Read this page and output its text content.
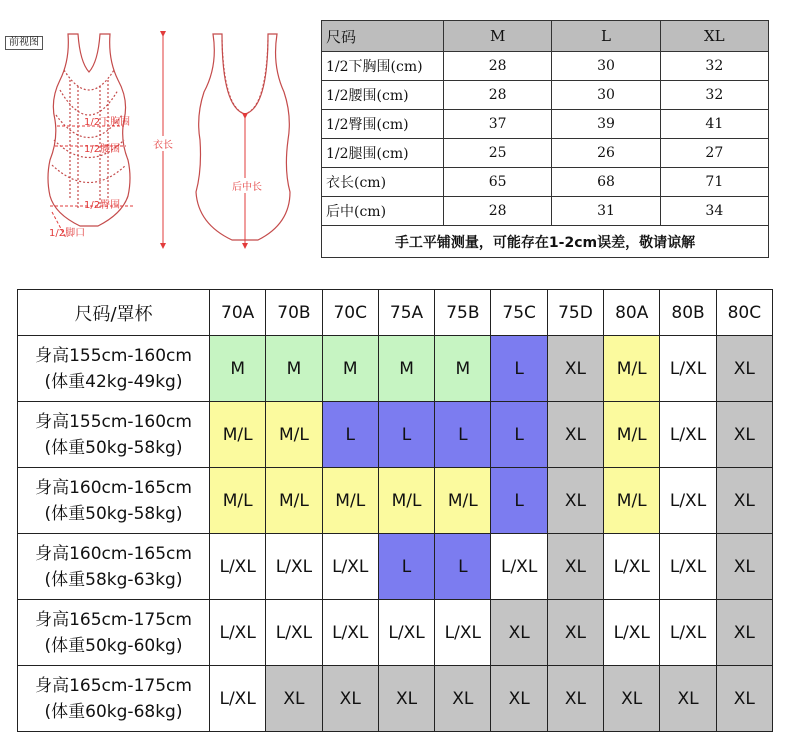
前视图
1/2下胸围
1/2腰围
1/2臀围
1/2脚口
衣长
后中长
尺码	M	L	XL
1/2下胸围(cm)	28	30	32
1/2腰围(cm)	28	30	32
1/2臀围(cm)	37	39	41
1/2腿围(cm)	25	26	27
衣长(cm)	65	68	71
后中(cm)	28	31	34
手工平铺测量，可能存在1-2cm误差，敬请谅解			
尺码/罩杯	70A	70B	70C	75A	75B	75C	75D	80A	80B	80C

身高155cm-160cm
(体重42kg-49kg)	M	M	M	M	M	L	XL	M/L	L/XL	XL

身高155cm-160cm
(体重50kg-58kg)	M/L	M/L	L	L	L	L	XL	M/L	L/XL	XL

身高160cm-165cm
(体重50kg-58kg)	M/L	M/L	M/L	M/L	M/L	L	XL	M/L	L/XL	XL

身高160cm-165cm
(体重58kg-63kg)	L/XL	L/XL	L/XL	L	L	L/XL	XL	L/XL	L/XL	XL

身高165cm-175cm
(体重50kg-60kg)	L/XL	L/XL	L/XL	L/XL	L/XL	XL	XL	L/XL	L/XL	XL

身高165cm-175cm
(体重60kg-68kg)	L/XL	XL	XL	XL	XL	XL	XL	XL	XL	XL
